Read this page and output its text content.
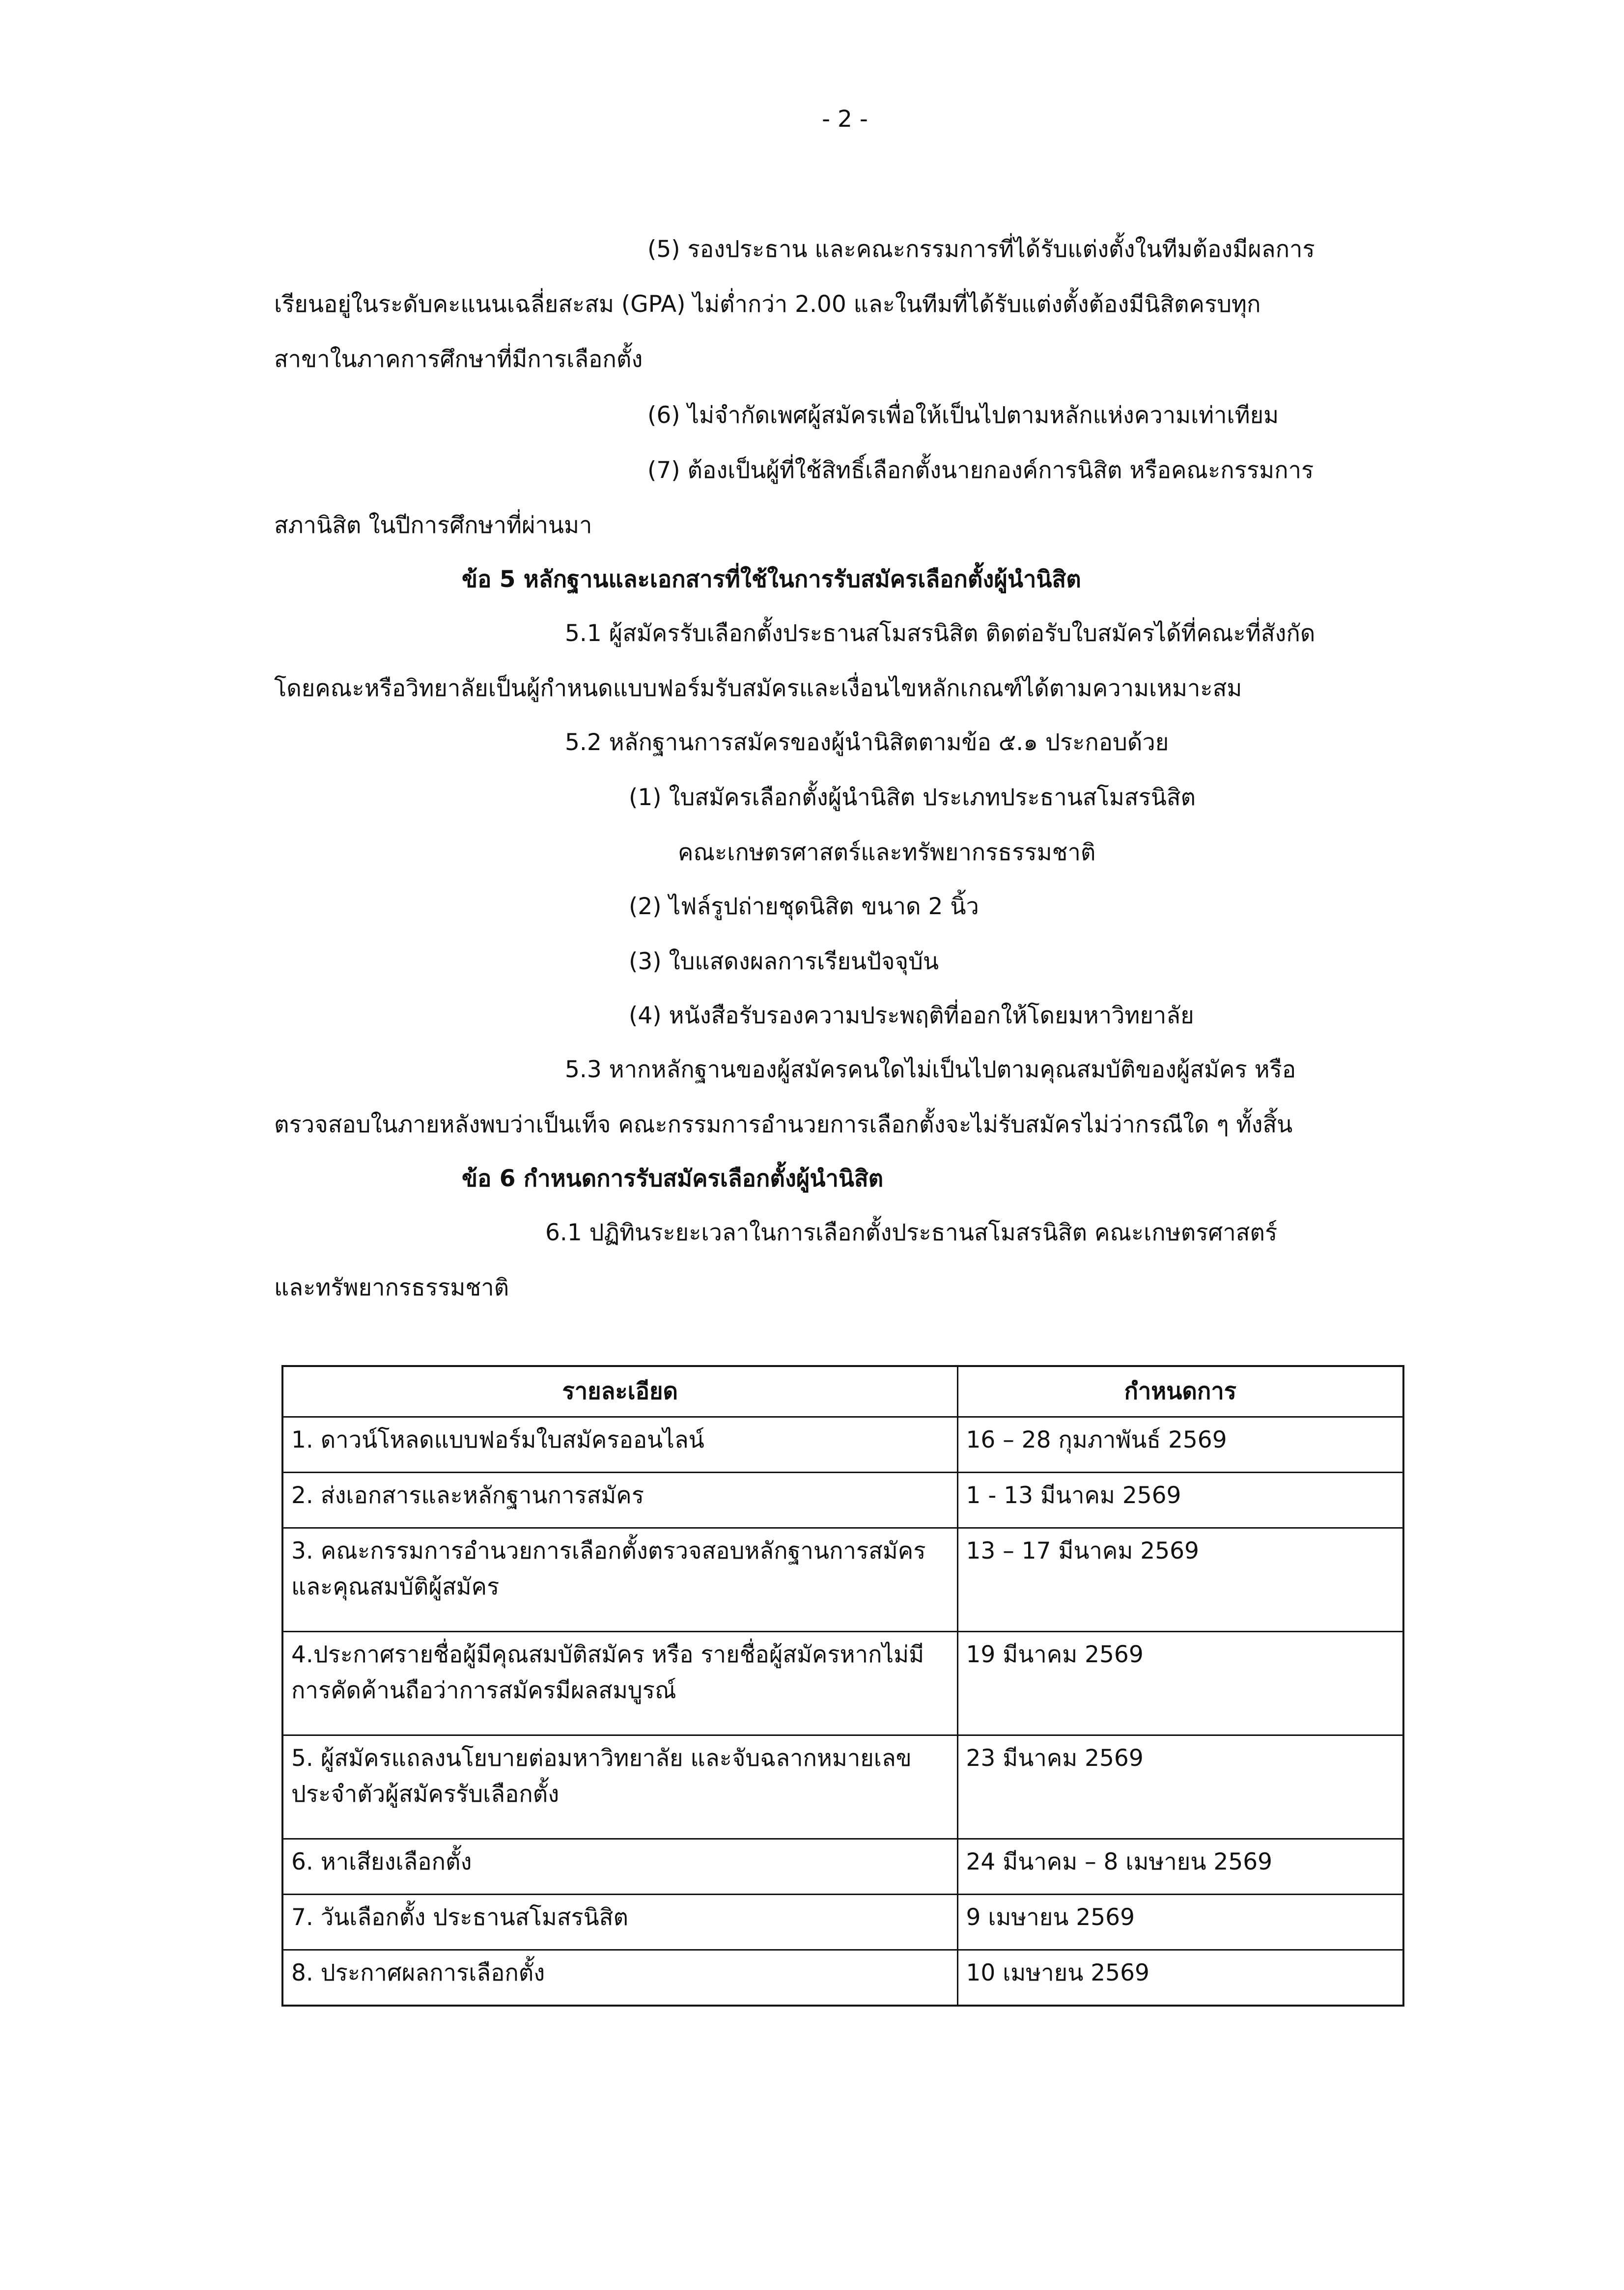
- 2 -
(5) รองประธาน และคณะกรรมการที่ได้รับแต่งตั้งในทีมต้องมีผลการ
เรียนอยู่ในระดับคะแนนเฉลี่ยสะสม (GPA) ไม่ต่ำกว่า 2.00 และในทีมที่ได้รับแต่งตั้งต้องมีนิสิตครบทุก
สาขาในภาคการศึกษาที่มีการเลือกตั้ง
(6) ไม่จำกัดเพศผู้สมัครเพื่อให้เป็นไปตามหลักแห่งความเท่าเทียม
(7) ต้องเป็นผู้ที่ใช้สิทธิ์เลือกตั้งนายกองค์การนิสิต หรือคณะกรรมการ
สภานิสิต ในปีการศึกษาที่ผ่านมา
ข้อ 5 หลักฐานและเอกสารที่ใช้ในการรับสมัครเลือกตั้งผู้นำนิสิต
5.1 ผู้สมัครรับเลือกตั้งประธานสโมสรนิสิต ติดต่อรับใบสมัครได้ที่คณะที่สังกัด
โดยคณะหรือวิทยาลัยเป็นผู้กำหนดแบบฟอร์มรับสมัครและเงื่อนไขหลักเกณฑ์ได้ตามความเหมาะสม
5.2 หลักฐานการสมัครของผู้นำนิสิตตามข้อ ๕.๑ ประกอบด้วย
(1) ใบสมัครเลือกตั้งผู้นำนิสิต ประเภทประธานสโมสรนิสิต
คณะเกษตรศาสตร์และทรัพยากรธรรมชาติ
(2) ไฟล์รูปถ่ายชุดนิสิต ขนาด 2 นิ้ว
(3) ใบแสดงผลการเรียนปัจจุบัน
(4) หนังสือรับรองความประพฤติที่ออกให้โดยมหาวิทยาลัย
5.3 หากหลักฐานของผู้สมัครคนใดไม่เป็นไปตามคุณสมบัติของผู้สมัคร หรือ
ตรวจสอบในภายหลังพบว่าเป็นเท็จ คณะกรรมการอำนวยการเลือกตั้งจะไม่รับสมัครไม่ว่ากรณีใด ๆ ทั้งสิ้น
ข้อ 6 กำหนดการรับสมัครเลือกตั้งผู้นำนิสิต
6.1 ปฏิทินระยะเวลาในการเลือกตั้งประธานสโมสรนิสิต คณะเกษตรศาสตร์
และทรัพยากรธรรมชาติ
รายละเอียด	กำหนดการ
1. ดาวน์โหลดแบบฟอร์มใบสมัครออนไลน์	16 – 28 กุมภาพันธ์ 2569
2. ส่งเอกสารและหลักฐานการสมัคร	1 - 13 มีนาคม 2569
3. คณะกรรมการอำนวยการเลือกตั้งตรวจสอบหลักฐานการสมัครและคุณสมบัติผู้สมัคร	13 – 17 มีนาคม 2569
4.ประกาศรายชื่อผู้มีคุณสมบัติสมัคร หรือ รายชื่อผู้สมัครหากไม่มีการคัดค้านถือว่าการสมัครมีผลสมบูรณ์	19 มีนาคม 2569
5. ผู้สมัครแถลงนโยบายต่อมหาวิทยาลัย และจับฉลากหมายเลขประจำตัวผู้สมัครรับเลือกตั้ง	23 มีนาคม 2569
6. หาเสียงเลือกตั้ง	24 มีนาคม – 8 เมษายน 2569
7. วันเลือกตั้ง ประธานสโมสรนิสิต	9 เมษายน 2569
8. ประกาศผลการเลือกตั้ง	10 เมษายน 2569
